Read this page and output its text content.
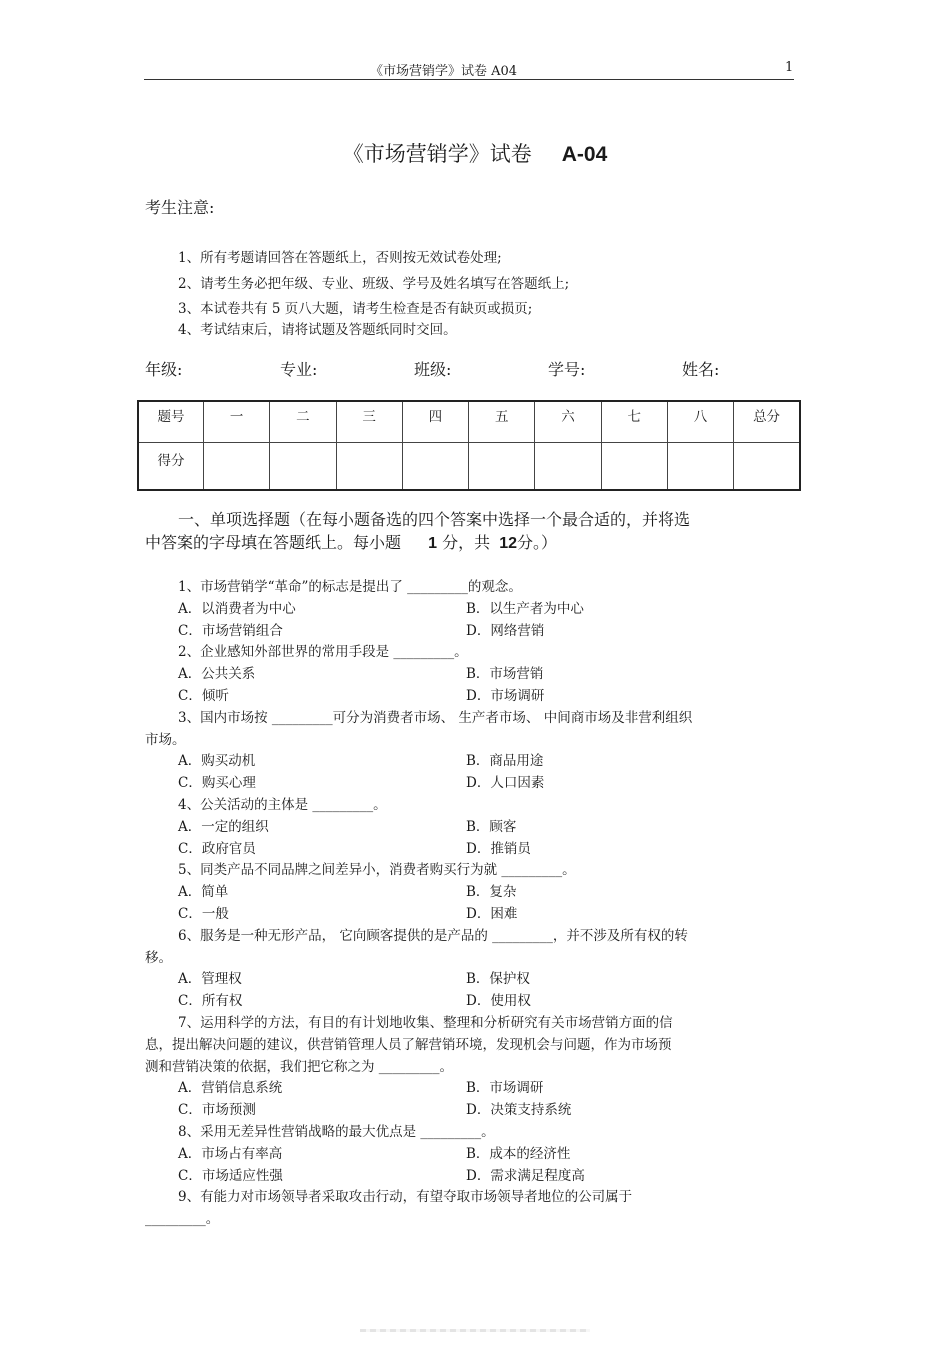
《市场营销学》试卷 A04	1
《市场营销学》试卷 A-04
考生注意:
1、所有考题请回答在答题纸上，否则按无效试卷处理;
2、请考生务必把年级、专业、班级、学号及姓名填写在答题纸上;
3、本试卷共有 5 页八大题，请考生检查是否有缺页或损页;
4、考试结束后，请将试题及答题纸同时交回。
年级:	专业:	班级:	学号:	姓名:
题号	一	二	三	四	五	六	七	八	总分
得分									
一、单项选择题（在每小题备选的四个答案中选择一个最合适的，并将选
中答案的字母填在答题纸上。每小题 1 分，共 12分。）
1、市场营销学“革命”的标志是提出了 _________的观念。
A．以消费者为中心	B．以生产者为中心
C．市场营销组合	D．网络营销
2、企业感知外部世界的常用手段是 _________。
A．公共关系	B．市场营销
C．倾听	D．市场调研
3、国内市场按 _________可分为消费者市场、 生产者市场、 中间商市场及非营利组织
市场。
A．购买动机	B．商品用途
C．购买心理	D．人口因素
4、公关活动的主体是 _________。
A．一定的组织	B．顾客
C．政府官员	D．推销员
5、同类产品不同品牌之间差异小，消费者购买行为就 _________。
A．简单	B．复杂
C．一般	D．困难
6、服务是一种无形产品， 它向顾客提供的是产品的 _________，并不涉及所有权的转
移。
A．管理权	B．保护权
C．所有权	D．使用权
7、运用科学的方法，有目的有计划地收集、整理和分析研究有关市场营销方面的信
息，提出解决问题的建议，供营销管理人员了解营销环境，发现机会与问题，作为市场预
测和营销决策的依据，我们把它称之为 _________。
A．营销信息系统	B．市场调研
C．市场预测	D．决策支持系统
8、采用无差异性营销战略的最大优点是 _________。
A．市场占有率高	B．成本的经济性
C．市场适应性强	D．需求满足程度高
9、有能力对市场领导者采取攻击行动，有望夺取市场领导者地位的公司属于
_________。
